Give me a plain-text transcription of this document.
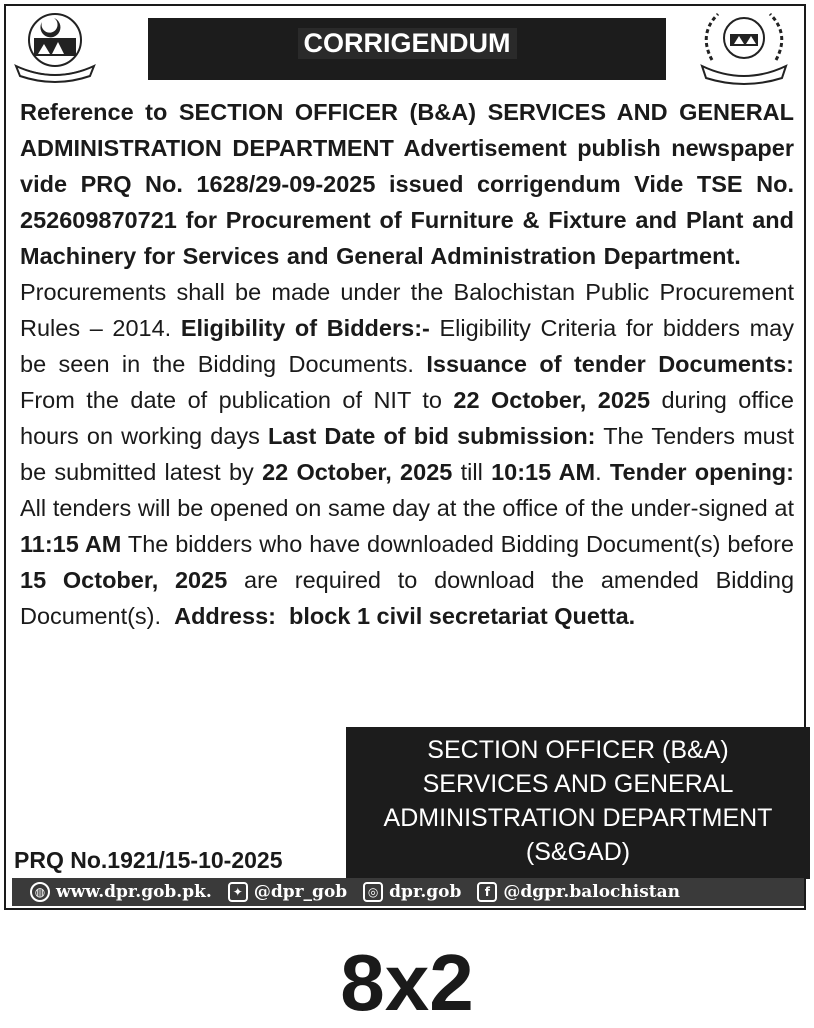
CORRIGENDUM

Reference to SECTION OFFICER (B&A) SERVICES AND GENERAL ADMINISTRATION DEPARTMENT Advertisement publish newspaper vide PRQ No. 1628/29-09-2025 issued corrigendum Vide TSE No. 252609870721 for Procurement of Furniture & Fixture and Plant and Machinery for Services and General Administration Department.

Procurements shall be made under the Balochistan Public Procurement Rules – 2014. Eligibility of Bidders:- Eligibility Criteria for bidders may be seen in the Bidding Documents. Issuance of tender Documents: From the date of publication of NIT to 22 October, 2025 during office hours on working days Last Date of bid submission: The Tenders must be submitted latest by 22 October, 2025 till 10:15 AM. Tender opening: All tenders will be opened on same day at the office of the under-signed at 11:15 AM The bidders who have downloaded Bidding Document(s) before 15 October, 2025 are required to download the amended Bidding Document(s). Address: block 1 civil secretariat Quetta.

SECTION OFFICER (B&A)
SERVICES AND GENERAL
ADMINISTRATION DEPARTMENT
(S&GAD)
PRQ No.1921/15-10-2025
◍ www.dpr.gob.pk.	✦ @dpr_gob	◎ dpr.gob	f @dgpr.balochistan
8x2
